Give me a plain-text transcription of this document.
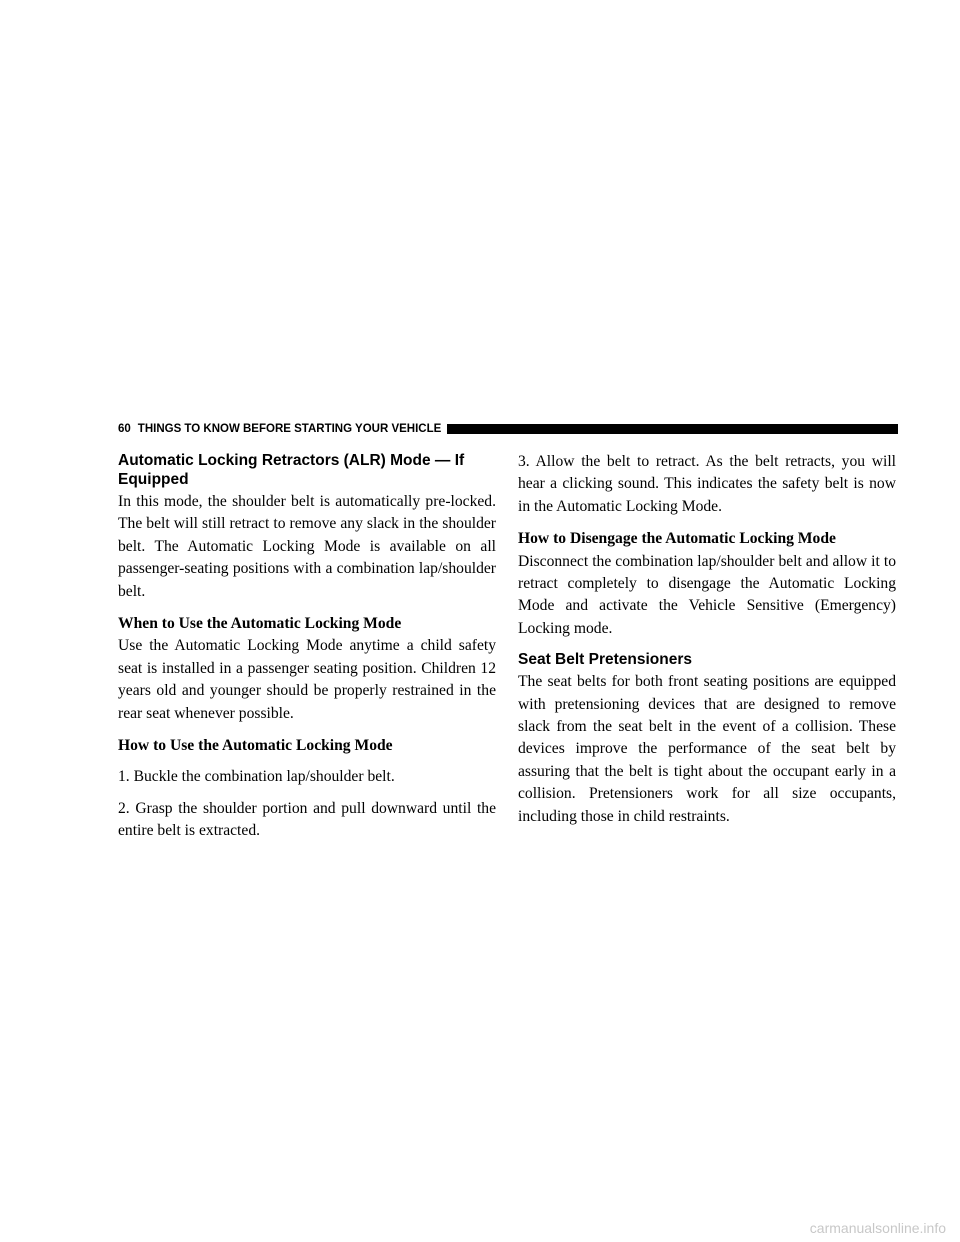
60 THINGS TO KNOW BEFORE STARTING YOUR VEHICLE
Automatic Locking Retractors (ALR) Mode — If Equipped

In this mode, the shoulder belt is automatically pre-locked. The belt will still retract to remove any slack in the shoulder belt. The Automatic Locking Mode is available on all passenger-seating positions with a combination lap/shoulder belt.

When to Use the Automatic Locking Mode

Use the Automatic Locking Mode anytime a child safety seat is installed in a passenger seating position. Children 12 years old and younger should be properly restrained in the rear seat whenever possible.

How to Use the Automatic Locking Mode

1. Buckle the combination lap/shoulder belt.

2. Grasp the shoulder portion and pull downward until the entire belt is extracted.

3. Allow the belt to retract. As the belt retracts, you will hear a clicking sound. This indicates the safety belt is now in the Automatic Locking Mode.

How to Disengage the Automatic Locking Mode

Disconnect the combination lap/shoulder belt and allow it to retract completely to disengage the Automatic Locking Mode and activate the Vehicle Sensitive (Emergency) Locking mode.

Seat Belt Pretensioners

The seat belts for both front seating positions are equipped with pretensioning devices that are designed to remove slack from the seat belt in the event of a collision. These devices improve the performance of the seat belt by assuring that the belt is tight about the occupant early in a collision. Pretensioners work for all size occupants, including those in child restraints.

carmanualsonline.info
